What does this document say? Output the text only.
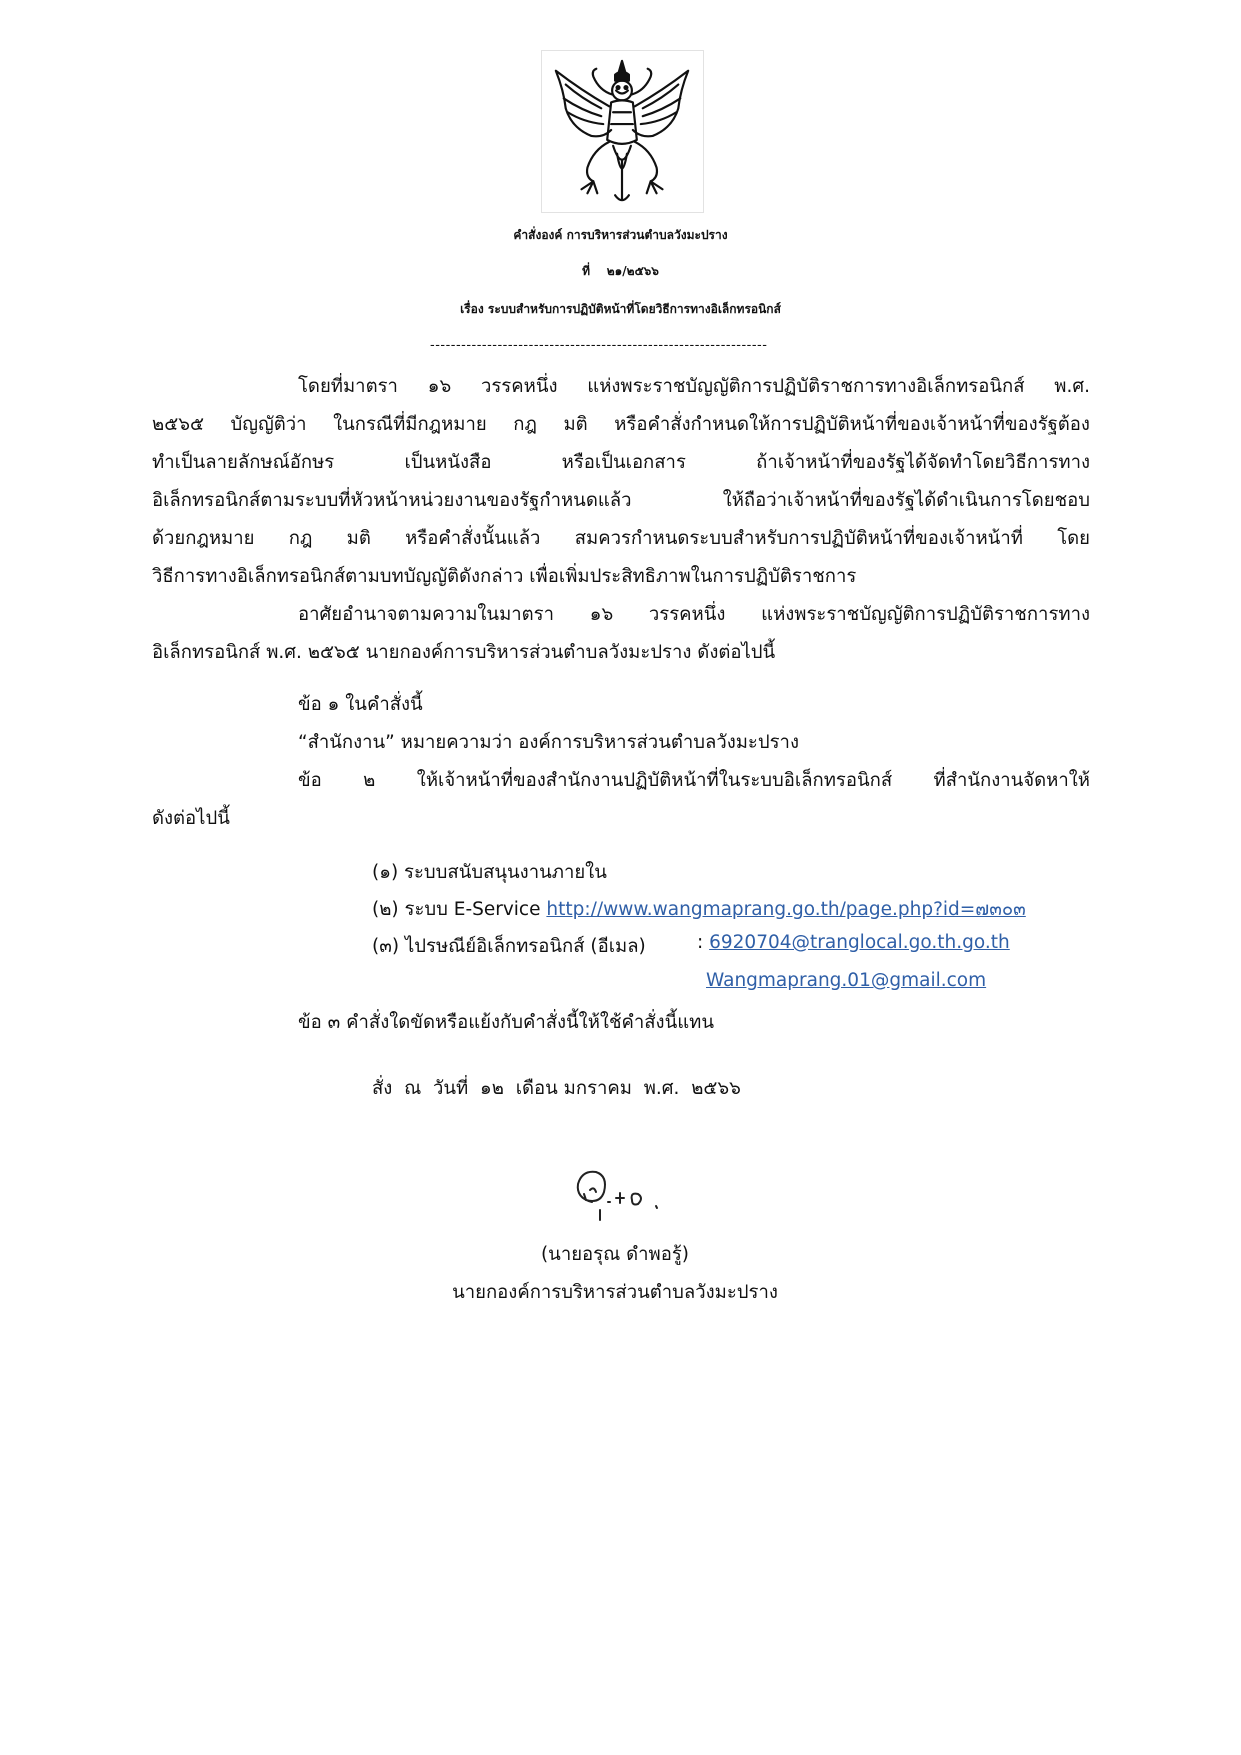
คำสั่งองค์ การบริหารส่วนตำบลวังมะปราง
ที่ ๒๑/๒๕๖๖
เรื่อง ระบบสำหรับการปฏิบัติหน้าที่โดยวิธีการทางอิเล็กทรอนิกส์
-----------------------------------------------------------------
โดยที่มาตรา ๑๖ วรรคหนึ่ง แห่งพระราชบัญญัติการปฏิบัติราชการทางอิเล็กทรอนิกส์ พ.ศ.
๒๕๖๕ บัญญัติว่า ในกรณีที่มีกฎหมาย กฎ มติ หรือคำสั่งกำหนดให้การปฏิบัติหน้าที่ของเจ้าหน้าที่ของรัฐต้อง
ทำเป็นลายลักษณ์อักษร	เป็นหนังสือ	หรือเป็นเอกสาร	ถ้าเจ้าหน้าที่ของรัฐได้จัดทำโดยวิธีการทาง
อิเล็กทรอนิกส์ตามระบบที่หัวหน้าหน่วยงานของรัฐกำหนดแล้ว	ให้ถือว่าเจ้าหน้าที่ของรัฐได้ดำเนินการโดยชอบ
ด้วยกฎหมาย กฎ มติ หรือคำสั่งนั้นแล้ว สมควรกำหนดระบบสำหรับการปฏิบัติหน้าที่ของเจ้าหน้าที่ โดย
วิธีการทางอิเล็กทรอนิกส์ตามบทบัญญัติดังกล่าว เพื่อเพิ่มประสิทธิภาพในการปฏิบัติราชการ
อาศัยอำนาจตามความในมาตรา ๑๖ วรรคหนึ่ง แห่งพระราชบัญญัติการปฏิบัติราชการทาง
อิเล็กทรอนิกส์ พ.ศ. ๒๕๖๕ นายกองค์การบริหารส่วนตำบลวังมะปราง ดังต่อไปนี้
ข้อ ๑ ในคำสั่งนี้
“สำนักงาน” หมายความว่า องค์การบริหารส่วนตำบลวังมะปราง
ข้อ ๒ ให้เจ้าหน้าที่ของสำนักงานปฏิบัติหน้าที่ในระบบอิเล็กทรอนิกส์ ที่สำนักงานจัดหาให้
ดังต่อไปนี้
(๑) ระบบสนับสนุนงานภายใน
(๒) ระบบ E-Service http://www.wangmaprang.go.th/page.php?id=๗๓๐๓
(๓) ไปรษณีย์อิเล็กทรอนิกส์ (อีเมล)	: 6920704@tranglocal.go.th.go.th
Wangmaprang.01@gmail.com
ข้อ ๓ คำสั่งใดขัดหรือแย้งกับคำสั่งนี้ให้ใช้คำสั่งนี้แทน
สั่ง  ณ  วันที่  ๑๒  เดือน มกราคม  พ.ศ.  ๒๕๖๖
(นายอรุณ ดำพอรู้)
นายกองค์การบริหารส่วนตำบลวังมะปราง
